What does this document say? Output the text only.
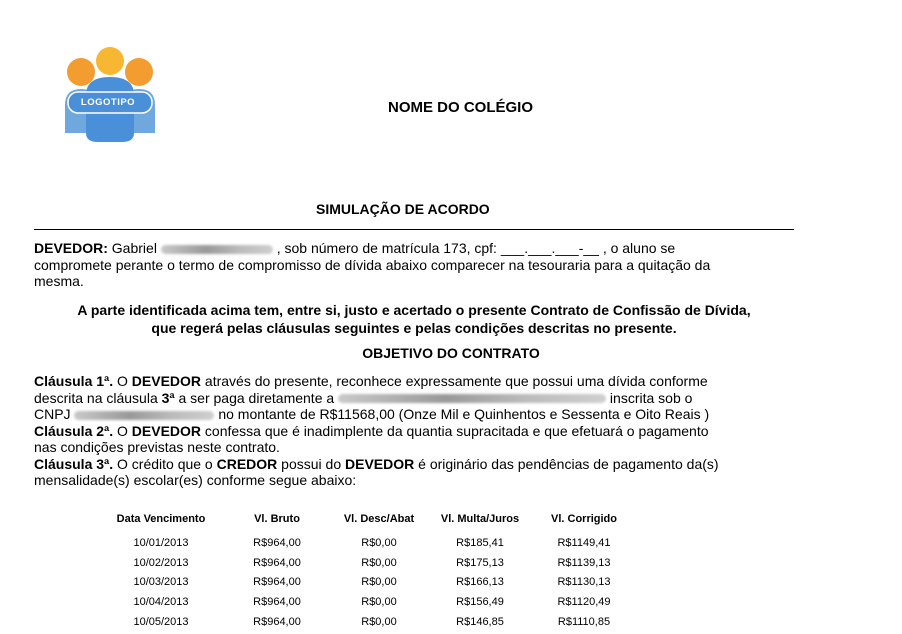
LOGOTIPO	NOME DO COLÉGIO
SIMULAÇÃO DE ACORDO
DEVEDOR: Gabriel	, sob número de matrícula 173, cpf: ___.___.___-__ , o aluno se
compromete perante o termo de compromisso de dívida abaixo comparecer na tesouraria para a quitação da
mesma.
A parte identificada acima tem, entre si, justo e acertado o presente Contrato de Confissão de Dívida,
que regerá pelas cláusulas seguintes e pelas condições descritas no presente.
OBJETIVO DO CONTRATO
Cláusula 1ª. O DEVEDOR através do presente, reconhece expressamente que possui uma dívida conforme
descrita na cláusula 3ª a ser paga diretamente a	inscrita sob o
CNPJ	no montante de R$11568,00 (Onze Mil e Quinhentos e Sessenta e Oito Reais )
Cláusula 2ª. O DEVEDOR confessa que é inadimplente da quantia supracitada e que efetuará o pagamento
nas condições previstas neste contrato.
Cláusula 3ª. O crédito que o CREDOR possui do DEVEDOR é originário das pendências de pagamento da(s)
mensalidade(s) escolar(es) conforme segue abaixo:
Data Vencimento	Vl. Bruto	Vl. Desc/Abat	Vl. Multa/Juros	Vl. Corrigido
10/01/2013	R$964,00	R$0,00	R$185,41	R$1149,41
10/02/2013	R$964,00	R$0,00	R$175,13	R$1139,13
10/03/2013	R$964,00	R$0,00	R$166,13	R$1130,13
10/04/2013	R$964,00	R$0,00	R$156,49	R$1120,49
10/05/2013	R$964,00	R$0,00	R$146,85	R$1110,85
